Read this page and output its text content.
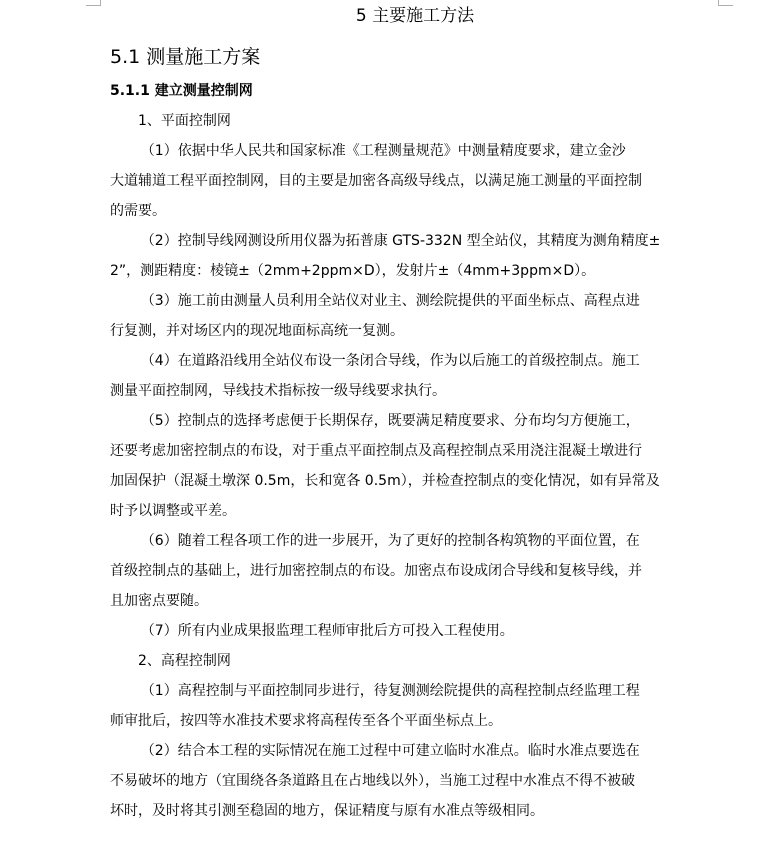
5 主要施工方法
5.1 测量施工方案
5.1.1 建立测量控制网
1、平面控制网

（1）依据中华人民共和国家标准《工程测量规范》中测量精度要求，建立金沙
大道辅道工程平面控制网，目的主要是加密各高级导线点，以满足施工测量的平面控制
的需要。

（2）控制导线网测设所用仪器为拓普康 GTS-332N 型全站仪，其精度为测角精度±
2”，测距精度：棱镜±（2mm+2ppm×D），发射片±（4mm+3ppm×D）。

（3）施工前由测量人员利用全站仪对业主、测绘院提供的平面坐标点、高程点进
行复测，并对场区内的现况地面标高统一复测。

（4）在道路沿线用全站仪布设一条闭合导线，作为以后施工的首级控制点。施工
测量平面控制网，导线技术指标按一级导线要求执行。

（5）控制点的选择考虑便于长期保存，既要满足精度要求、分布均匀方便施工，
还要考虑加密控制点的布设，对于重点平面控制点及高程控制点采用浇注混凝土墩进行
加固保护（混凝土墩深 0.5m，长和宽各 0.5m），并检查控制点的变化情况，如有异常及
时予以调整或平差。

（6）随着工程各项工作的进一步展开，为了更好的控制各构筑物的平面位置，在
首级控制点的基础上，进行加密控制点的布设。加密点布设成闭合导线和复核导线，并
且加密点要随。

（7）所有内业成果报监理工程师审批后方可投入工程使用。

2、高程控制网

（1）高程控制与平面控制同步进行，待复测测绘院提供的高程控制点经监理工程
师审批后，按四等水准技术要求将高程传至各个平面坐标点上。

（2）结合本工程的实际情况在施工过程中可建立临时水准点。临时水准点要选在
不易破坏的地方（宜围绕各条道路且在占地线以外），当施工过程中水准点不得不被破
坏时，及时将其引测至稳固的地方，保证精度与原有水准点等级相同。
